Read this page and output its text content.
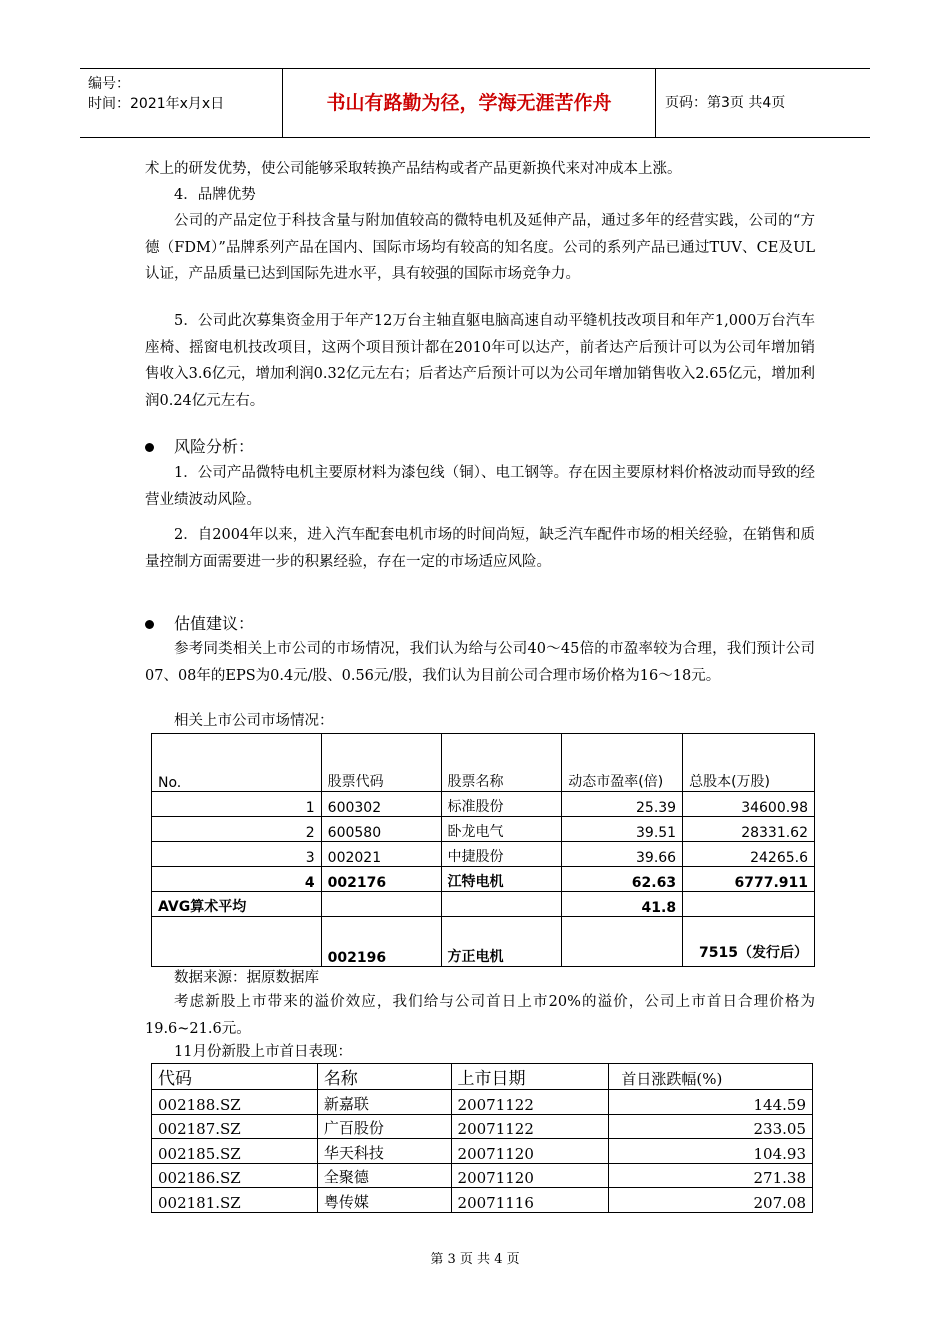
编号：
时间：2021年x月x日	书山有路勤为径，学海无涯苦作舟	页码：第3页 共4页
术上的研发优势，使公司能够采取转换产品结构或者产品更新换代来对冲成本上涨。
4．品牌优势
公司的产品定位于科技含量与附加值较高的微特电机及延伸产品，通过多年的经营实践，公司的“方德（FDM）”品牌系列产品在国内、国际市场均有较高的知名度。公司的系列产品已通过TUV、CE及UL认证，产品质量已达到国际先进水平，具有较强的国际市场竞争力。
5．公司此次募集资金用于年产12万台主轴直躯电脑高速自动平缝机技改项目和年产1,000万台汽车座椅、摇窗电机技改项目，这两个项目预计都在2010年可以达产，前者达产后预计可以为公司年增加销售收入3.6亿元，增加利润0.32亿元左右；后者达产后预计可以为公司年增加销售收入2.65亿元，增加利润0.24亿元左右。
风险分析：
1．公司产品微特电机主要原材料为漆包线（铜）、电工钢等。存在因主要原材料价格波动而导致的经营业绩波动风险。
2．自2004年以来，进入汽车配套电机市场的时间尚短，缺乏汽车配件市场的相关经验，在销售和质量控制方面需要进一步的积累经验，存在一定的市场适应风险。
估值建议：
参考同类相关上市公司的市场情况，我们认为给与公司40～45倍的市盈率较为合理，我们预计公司07、08年的EPS为0.4元/股、0.56元/股，我们认为目前公司合理市场价格为16～18元。
相关上市公司市场情况：
No.	股票代码	股票名称	动态市盈率(倍)	总股本(万股)
1	600302	标准股份	25.39	34600.98
2	600580	卧龙电气	39.51	28331.62
3	002021	中捷股份	39.66	24265.6
4	002176	江特电机	62.63	6777.911
AVG算术平均			41.8	
	002196	方正电机		7515（发行后）
数据来源：据原数据库
考虑新股上市带来的溢价效应，我们给与公司首日上市20%的溢价，公司上市首日合理价格为19.6~21.6元。
11月份新股上市首日表现：
代码	名称	上市日期	首日涨跌幅(%)
002188.SZ	新嘉联	20071122	144.59
002187.SZ	广百股份	20071122	233.05
002185.SZ	华天科技	20071120	104.93
002186.SZ	全聚德	20071120	271.38
002181.SZ	粤传媒	20071116	207.08
第 3 页 共 4 页
